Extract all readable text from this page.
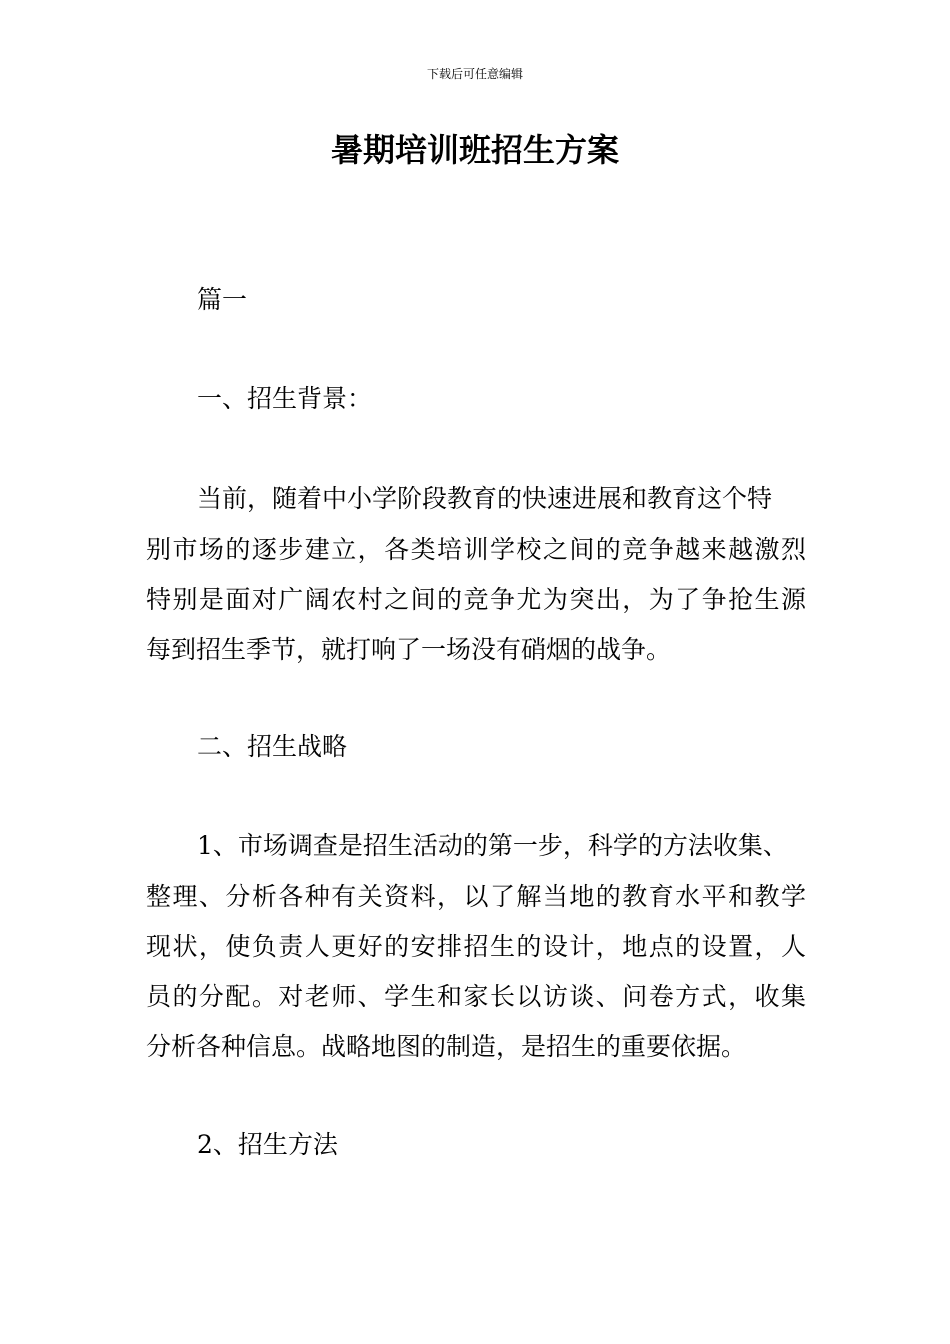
下载后可任意编辑
暑期培训班招生方案

篇一

一、招生背景：

当前，随着中小学阶段教育的快速进展和教育这个特

别市场的逐步建立，各类培训学校之间的竞争越来越激烈

特别是面对广阔农村之间的竞争尤为突出，为了争抢生源

每到招生季节，就打响了一场没有硝烟的战争。

二、招生战略

1、市场调查是招生活动的第一步，科学的方法收集、

整理、分析各种有关资料，以了解当地的教育水平和教学

现状，使负责人更好的安排招生的设计，地点的设置，人

员的分配。对老师、学生和家长以访谈、问卷方式，收集

分析各种信息。战略地图的制造，是招生的重要依据。

2、招生方法
